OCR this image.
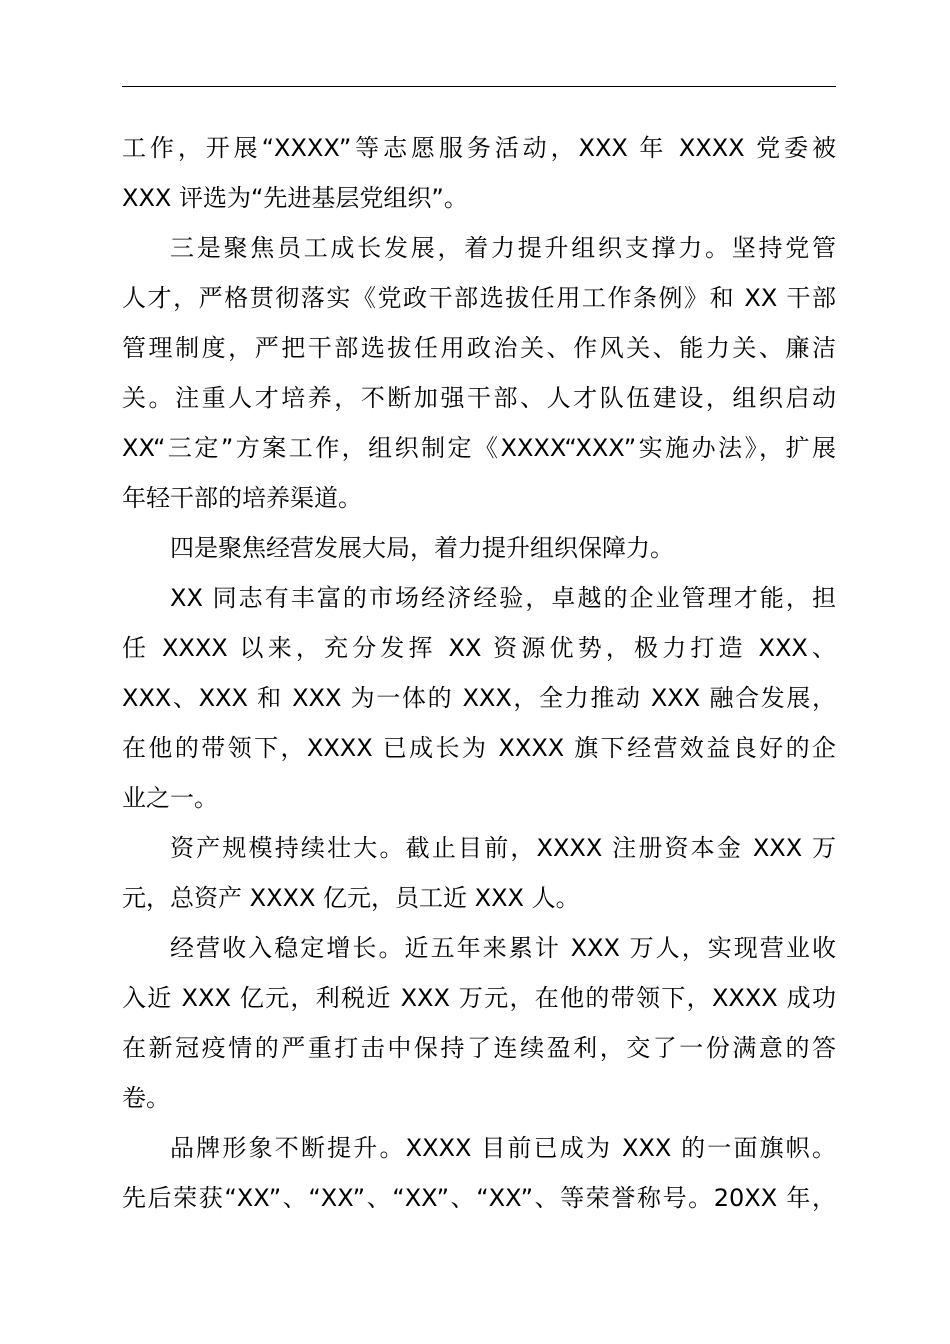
工作，开展“XXXX”等志愿服务活动，XXX 年 XXXX 党委被
XXX 评选为“先进基层党组织”。
三是聚焦员工成长发展，着力提升组织支撑力。坚持党管
人才，严格贯彻落实《党政干部选拔任用工作条例》和 XX 干部
管理制度，严把干部选拔任用政治关、作风关、能力关、廉洁
关。注重人才培养，不断加强干部、人才队伍建设，组织启动
XX“三定”方案工作，组织制定《XXXX“XXX”实施办法》，扩展
年轻干部的培养渠道。
四是聚焦经营发展大局，着力提升组织保障力。
XX 同志有丰富的市场经济经验，卓越的企业管理才能，担
任 XXXX 以来，充分发挥 XX 资源优势，极力打造 XXX、
XXX、XXX 和 XXX 为一体的 XXX，全力推动 XXX 融合发展，
在他的带领下，XXXX 已成长为 XXXX 旗下经营效益良好的企
业之一。
资产规模持续壮大。截止目前，XXXX 注册资本金 XXX 万
元，总资产 XXXX 亿元，员工近 XXX 人。
经营收入稳定增长。近五年来累计 XXX 万人，实现营业收
入近 XXX 亿元，利税近 XXX 万元，在他的带领下，XXXX 成功
在新冠疫情的严重打击中保持了连续盈利，交了一份满意的答
卷。
品牌形象不断提升。XXXX 目前已成为 XXX 的一面旗帜。
先后荣获“XX”、“XX”、“XX”、“XX”、等荣誉称号。20XX 年，
